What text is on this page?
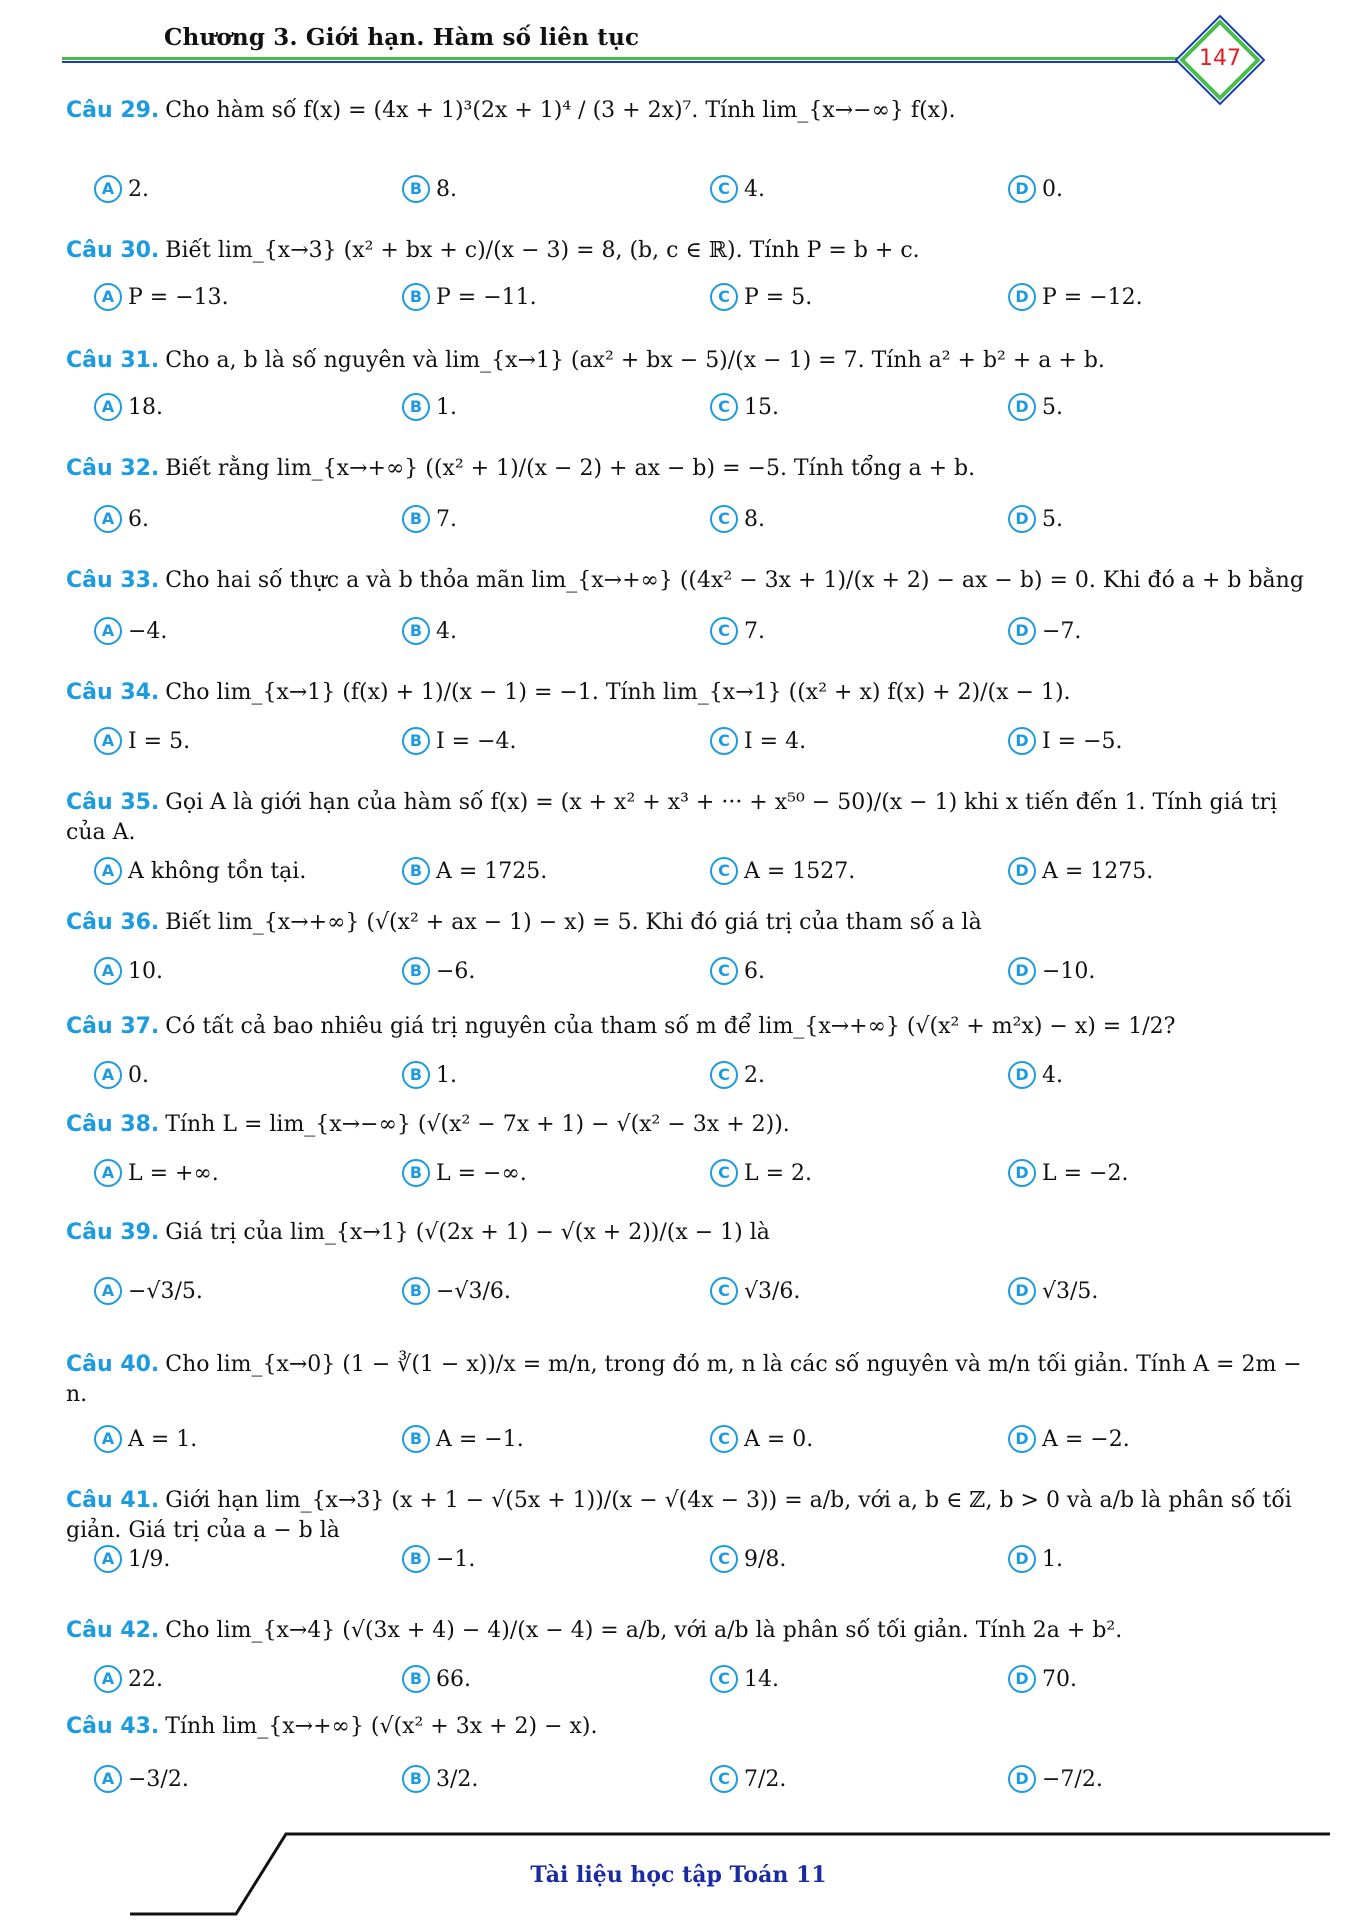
Chương 3. Giới hạn. Hàm số liên tục
147
Câu 29. Cho hàm số f(x) = (4x + 1)³(2x + 1)⁴ / (3 + 2x)⁷. Tính lim_{x→−∞} f(x).
A 2.	B 8.	C 4.	D 0.
Câu 30. Biết lim_{x→3} (x² + bx + c)/(x − 3) = 8, (b, c ∈ ℝ). Tính P = b + c.
A P = −13.	B P = −11.	C P = 5.	D P = −12.
Câu 31. Cho a, b là số nguyên và lim_{x→1} (ax² + bx − 5)/(x − 1) = 7. Tính a² + b² + a + b.
A 18.	B 1.	C 15.	D 5.
Câu 32. Biết rằng lim_{x→+∞} ((x² + 1)/(x − 2) + ax − b) = −5. Tính tổng a + b.
A 6.	B 7.	C 8.	D 5.
Câu 33. Cho hai số thực a và b thỏa mãn lim_{x→+∞} ((4x² − 3x + 1)/(x + 2) − ax − b) = 0. Khi đó a + b bằng
A −4.	B 4.	C 7.	D −7.
Câu 34. Cho lim_{x→1} (f(x) + 1)/(x − 1) = −1. Tính lim_{x→1} ((x² + x) f(x) + 2)/(x − 1).
A I = 5.	B I = −4.	C I = 4.	D I = −5.
Câu 35. Gọi A là giới hạn của hàm số f(x) = (x + x² + x³ + ··· + x⁵⁰ − 50)/(x − 1) khi x tiến đến 1. Tính giá trị của A.
A A không tồn tại.	B A = 1725.	C A = 1527.	D A = 1275.
Câu 36. Biết lim_{x→+∞} (√(x² + ax − 1) − x) = 5. Khi đó giá trị của tham số a là
A 10.	B −6.	C 6.	D −10.
Câu 37. Có tất cả bao nhiêu giá trị nguyên của tham số m để lim_{x→+∞} (√(x² + m²x) − x) = 1/2?
A 0.	B 1.	C 2.	D 4.
Câu 38. Tính L = lim_{x→−∞} (√(x² − 7x + 1) − √(x² − 3x + 2)).
A L = +∞.	B L = −∞.	C L = 2.	D L = −2.
Câu 39. Giá trị của lim_{x→1} (√(2x + 1) − √(x + 2))/(x − 1) là
A −√3/5.	B −√3/6.	C √3/6.	D √3/5.
Câu 40. Cho lim_{x→0} (1 − ∛(1 − x))/x = m/n, trong đó m, n là các số nguyên và m/n tối giản. Tính A = 2m − n.
A A = 1.	B A = −1.	C A = 0.	D A = −2.
Câu 41. Giới hạn lim_{x→3} (x + 1 − √(5x + 1))/(x − √(4x − 3)) = a/b, với a, b ∈ ℤ, b > 0 và a/b là phân số tối giản. Giá trị của a − b là
A 1/9.	B −1.	C 9/8.	D 1.
Câu 42. Cho lim_{x→4} (√(3x + 4) − 4)/(x − 4) = a/b, với a/b là phân số tối giản. Tính 2a + b².
A 22.	B 66.	C 14.	D 70.
Câu 43. Tính lim_{x→+∞} (√(x² + 3x + 2) − x).
A −3/2.	B 3/2.	C 7/2.	D −7/2.
Tài liệu học tập Toán 11
